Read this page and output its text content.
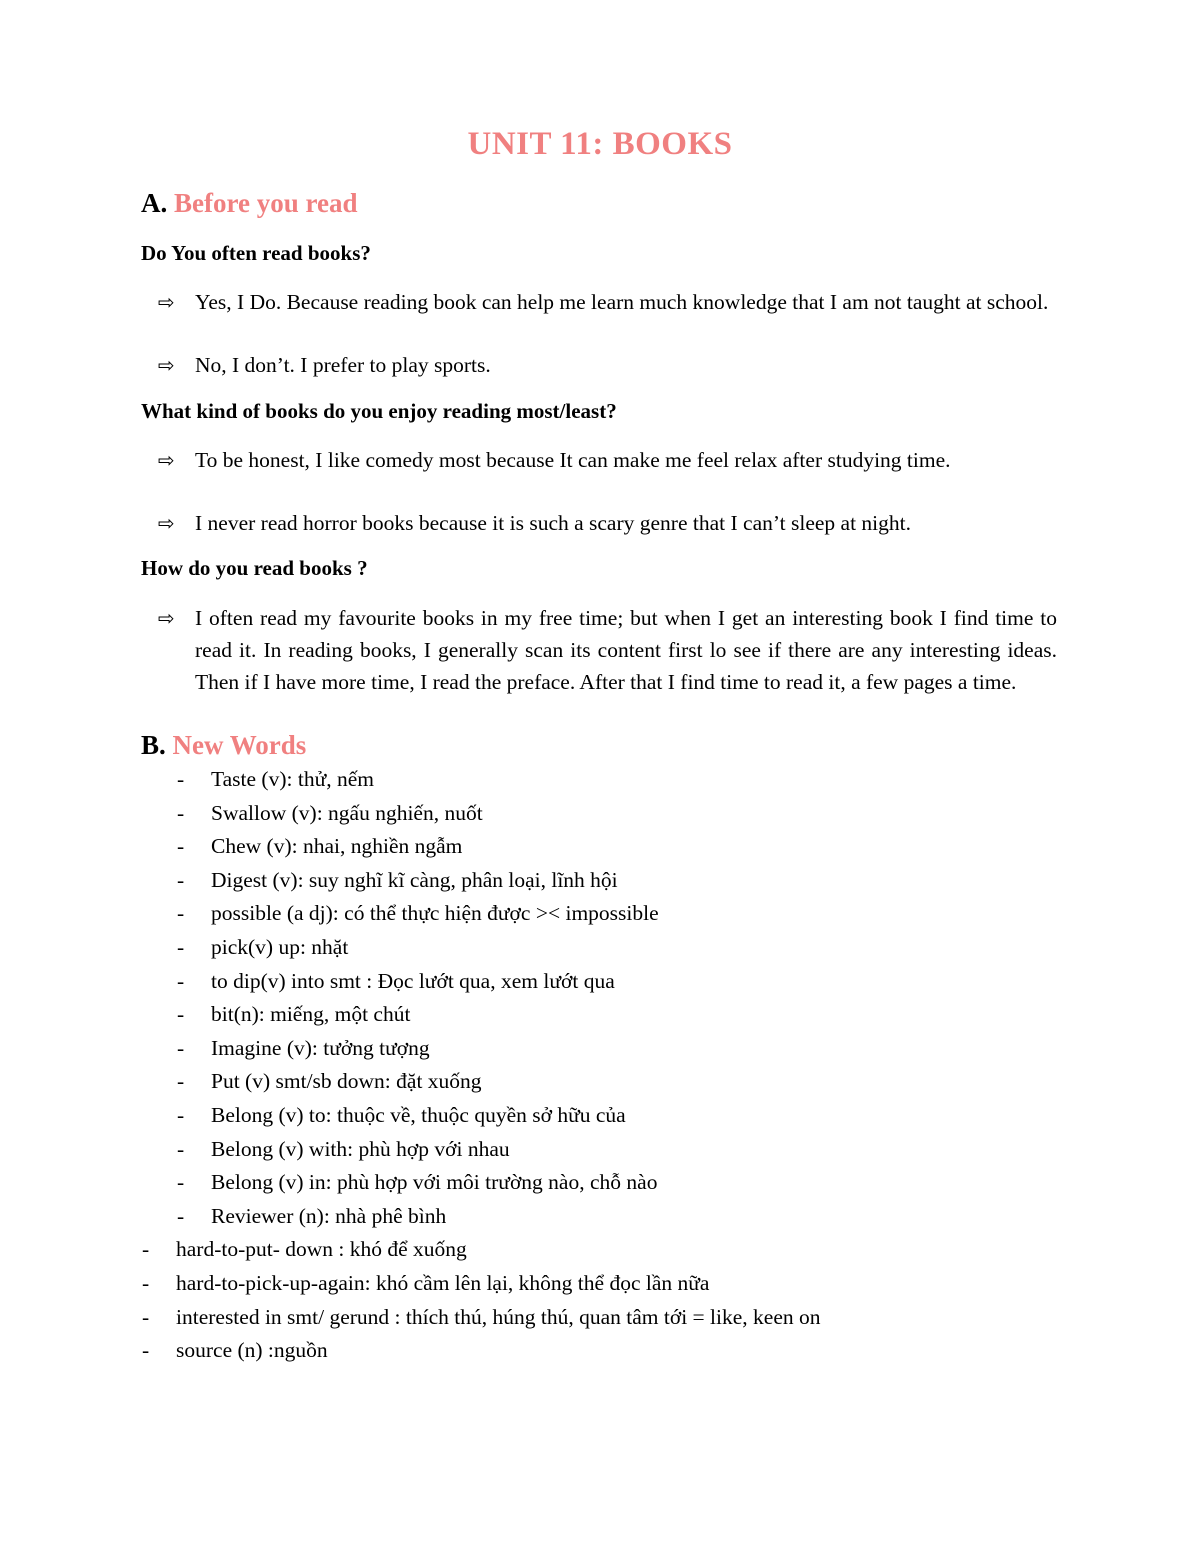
UNIT 11: BOOKS
A. Before you read
Do You often read books?
⇨ Yes, I Do. Because reading book can help me learn much knowledge that I am not taught at school.
⇨ No, I don’t. I prefer to play sports.
What kind of books do you enjoy reading most/least?
⇨ To be honest, I like comedy most because It can make me feel relax after studying time.
⇨ I never read horror books because it is such a scary genre that I can’t sleep at night.
How do you read books ?
⇨ I often read my favourite books in my free time; but when I get an interesting book I find time to read it. In reading books, I generally scan its content first lo see if there are any interesting ideas. Then if I have more time, I read the preface. After that I find time to read it, a few pages a time.
B. New Words
- Taste (v): thử, nếm
- Swallow (v): ngấu nghiến, nuốt
- Chew (v): nhai, nghiền ngẫm
- Digest (v): suy nghĩ kĩ càng, phân loại, lĩnh hội
- possible (a dj): có thể thực hiện được >< impossible
- pick(v) up: nhặt
- to dip(v) into smt : Đọc lướt qua, xem lướt qua
- bit(n): miếng, một chút
- Imagine (v): tưởng tượng
- Put (v) smt/sb down: đặt xuống
- Belong (v) to: thuộc về, thuộc quyền sở hữu của
- Belong (v) with: phù hợp với nhau
- Belong (v) in: phù hợp với môi trường nào, chỗ nào
- Reviewer (n): nhà phê bình
- hard-to-put- down : khó để xuống
- hard-to-pick-up-again: khó cầm lên lại, không thể đọc lần nữa
- interested in smt/ gerund : thích thú, húng thú, quan tâm tới = like, keen on
- source (n) :nguồn
